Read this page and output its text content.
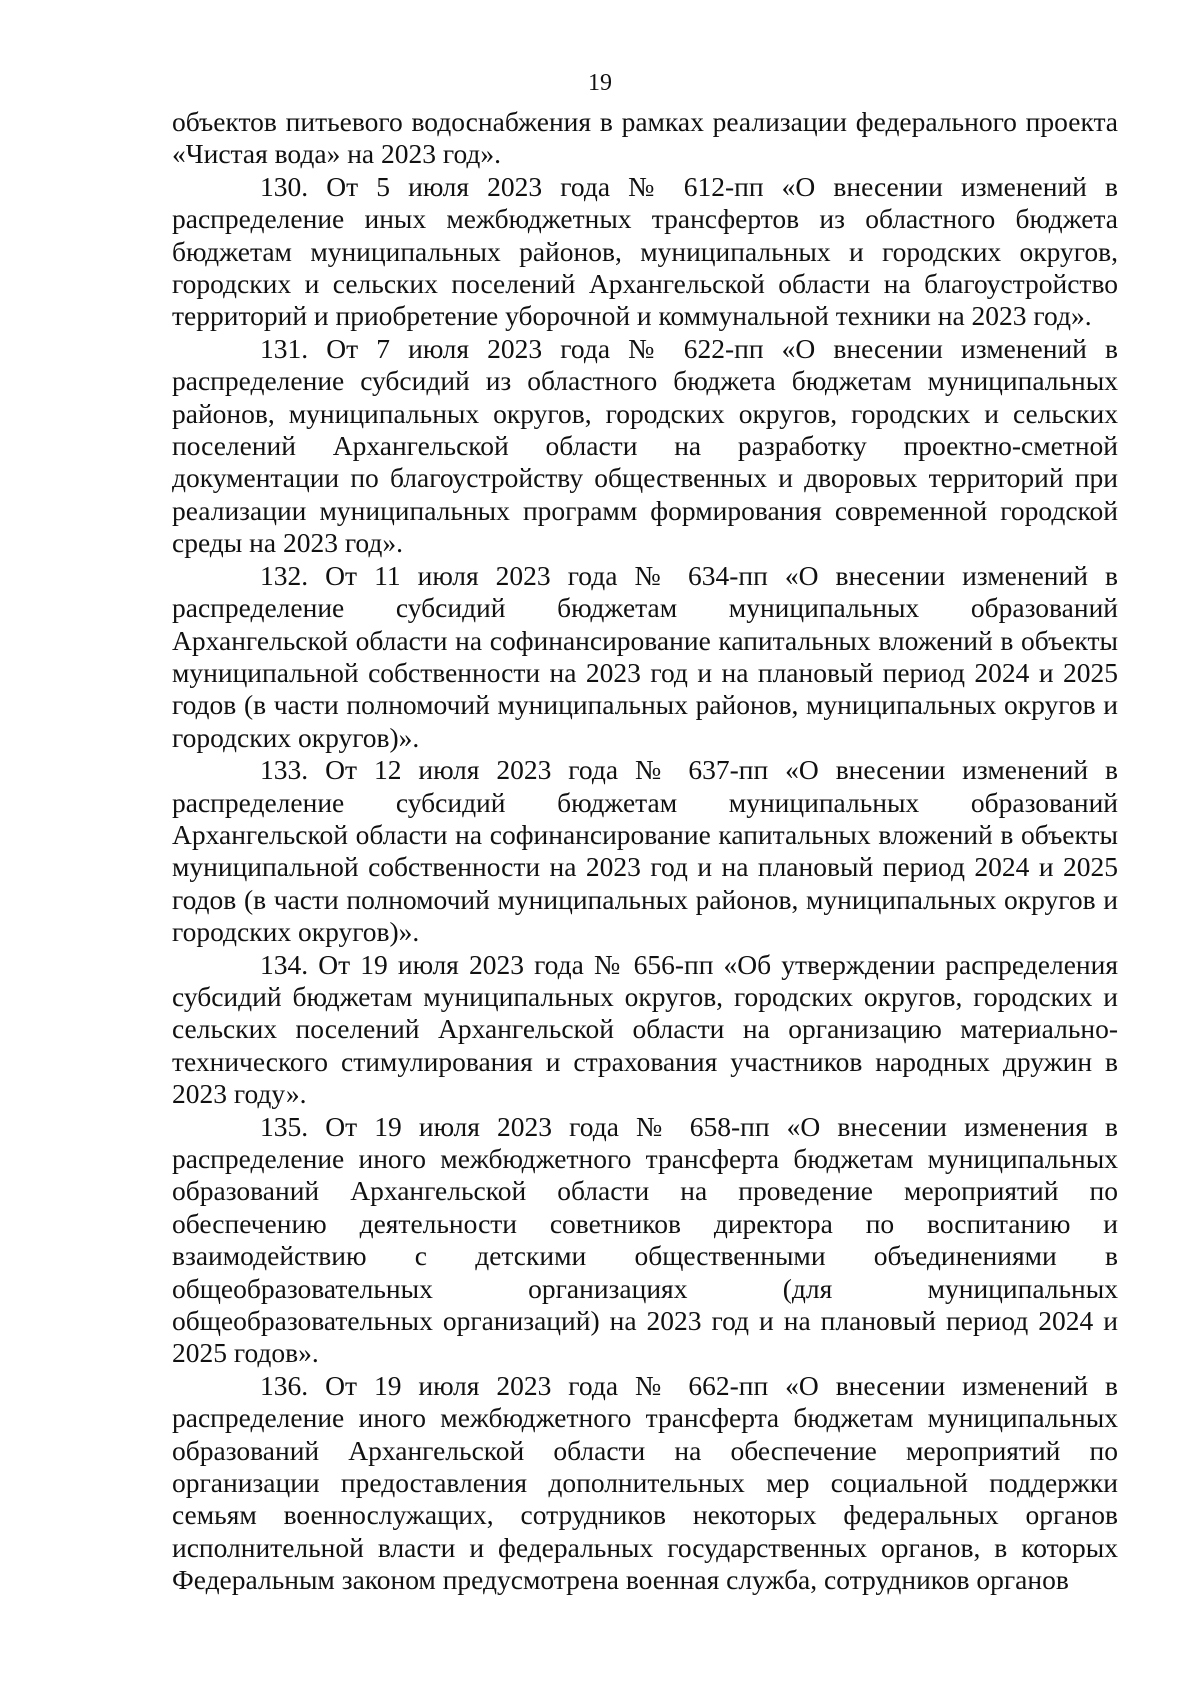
19

объектов питьевого водоснабжения в рамках реализации федерального проекта «Чистая вода» на 2023 год».

130. От 5 июля 2023 года № 612-пп «О внесении изменений в распределение иных межбюджетных трансфертов из областного бюджета бюджетам муниципальных районов, муниципальных и городских округов, городских и сельских поселений Архангельской области на благоустройство территорий и приобретение уборочной и коммунальной техники на 2023 год».

131. От 7 июля 2023 года № 622-пп «О внесении изменений в распределение субсидий из областного бюджета бюджетам муниципальных районов, муниципальных округов, городских округов, городских и сельских поселений Архангельской области на разработку проектно-сметной документации по благоустройству общественных и дворовых территорий при реализации муниципальных программ формирования современной городской среды на 2023 год».

132. От 11 июля 2023 года № 634-пп «О внесении изменений в распределение субсидий бюджетам муниципальных образований Архангельской области на софинансирование капитальных вложений в объекты муниципальной собственности на 2023 год и на плановый период 2024 и 2025 годов (в части полномочий муниципальных районов, муниципальных округов и городских округов)».

133. От 12 июля 2023 года № 637-пп «О внесении изменений в распределение субсидий бюджетам муниципальных образований Архангельской области на софинансирование капитальных вложений в объекты муниципальной собственности на 2023 год и на плановый период 2024 и 2025 годов (в части полномочий муниципальных районов, муниципальных округов и городских округов)».

134. От 19 июля 2023 года № 656-пп «Об утверждении распределения субсидий бюджетам муниципальных округов, городских округов, городских и сельских поселений Архангельской области на организацию материально-технического стимулирования и страхования участников народных дружин в 2023 году».

135. От 19 июля 2023 года № 658-пп «О внесении изменения в распределение иного межбюджетного трансферта бюджетам муниципальных образований Архангельской области на проведение мероприятий по обеспечению деятельности советников директора по воспитанию и взаимодействию с детскими общественными объединениями в общеобразовательных организациях (для муниципальных общеобразовательных организаций) на 2023 год и на плановый период 2024 и 2025 годов».

136. От 19 июля 2023 года № 662-пп «О внесении изменений в распределение иного межбюджетного трансферта бюджетам муниципальных образований Архангельской области на обеспечение мероприятий по организации предоставления дополнительных мер социальной поддержки семьям военнослужащих, сотрудников некоторых федеральных органов исполнительной власти и федеральных государственных органов, в которых Федеральным законом предусмотрена военная служба, сотрудников органов
